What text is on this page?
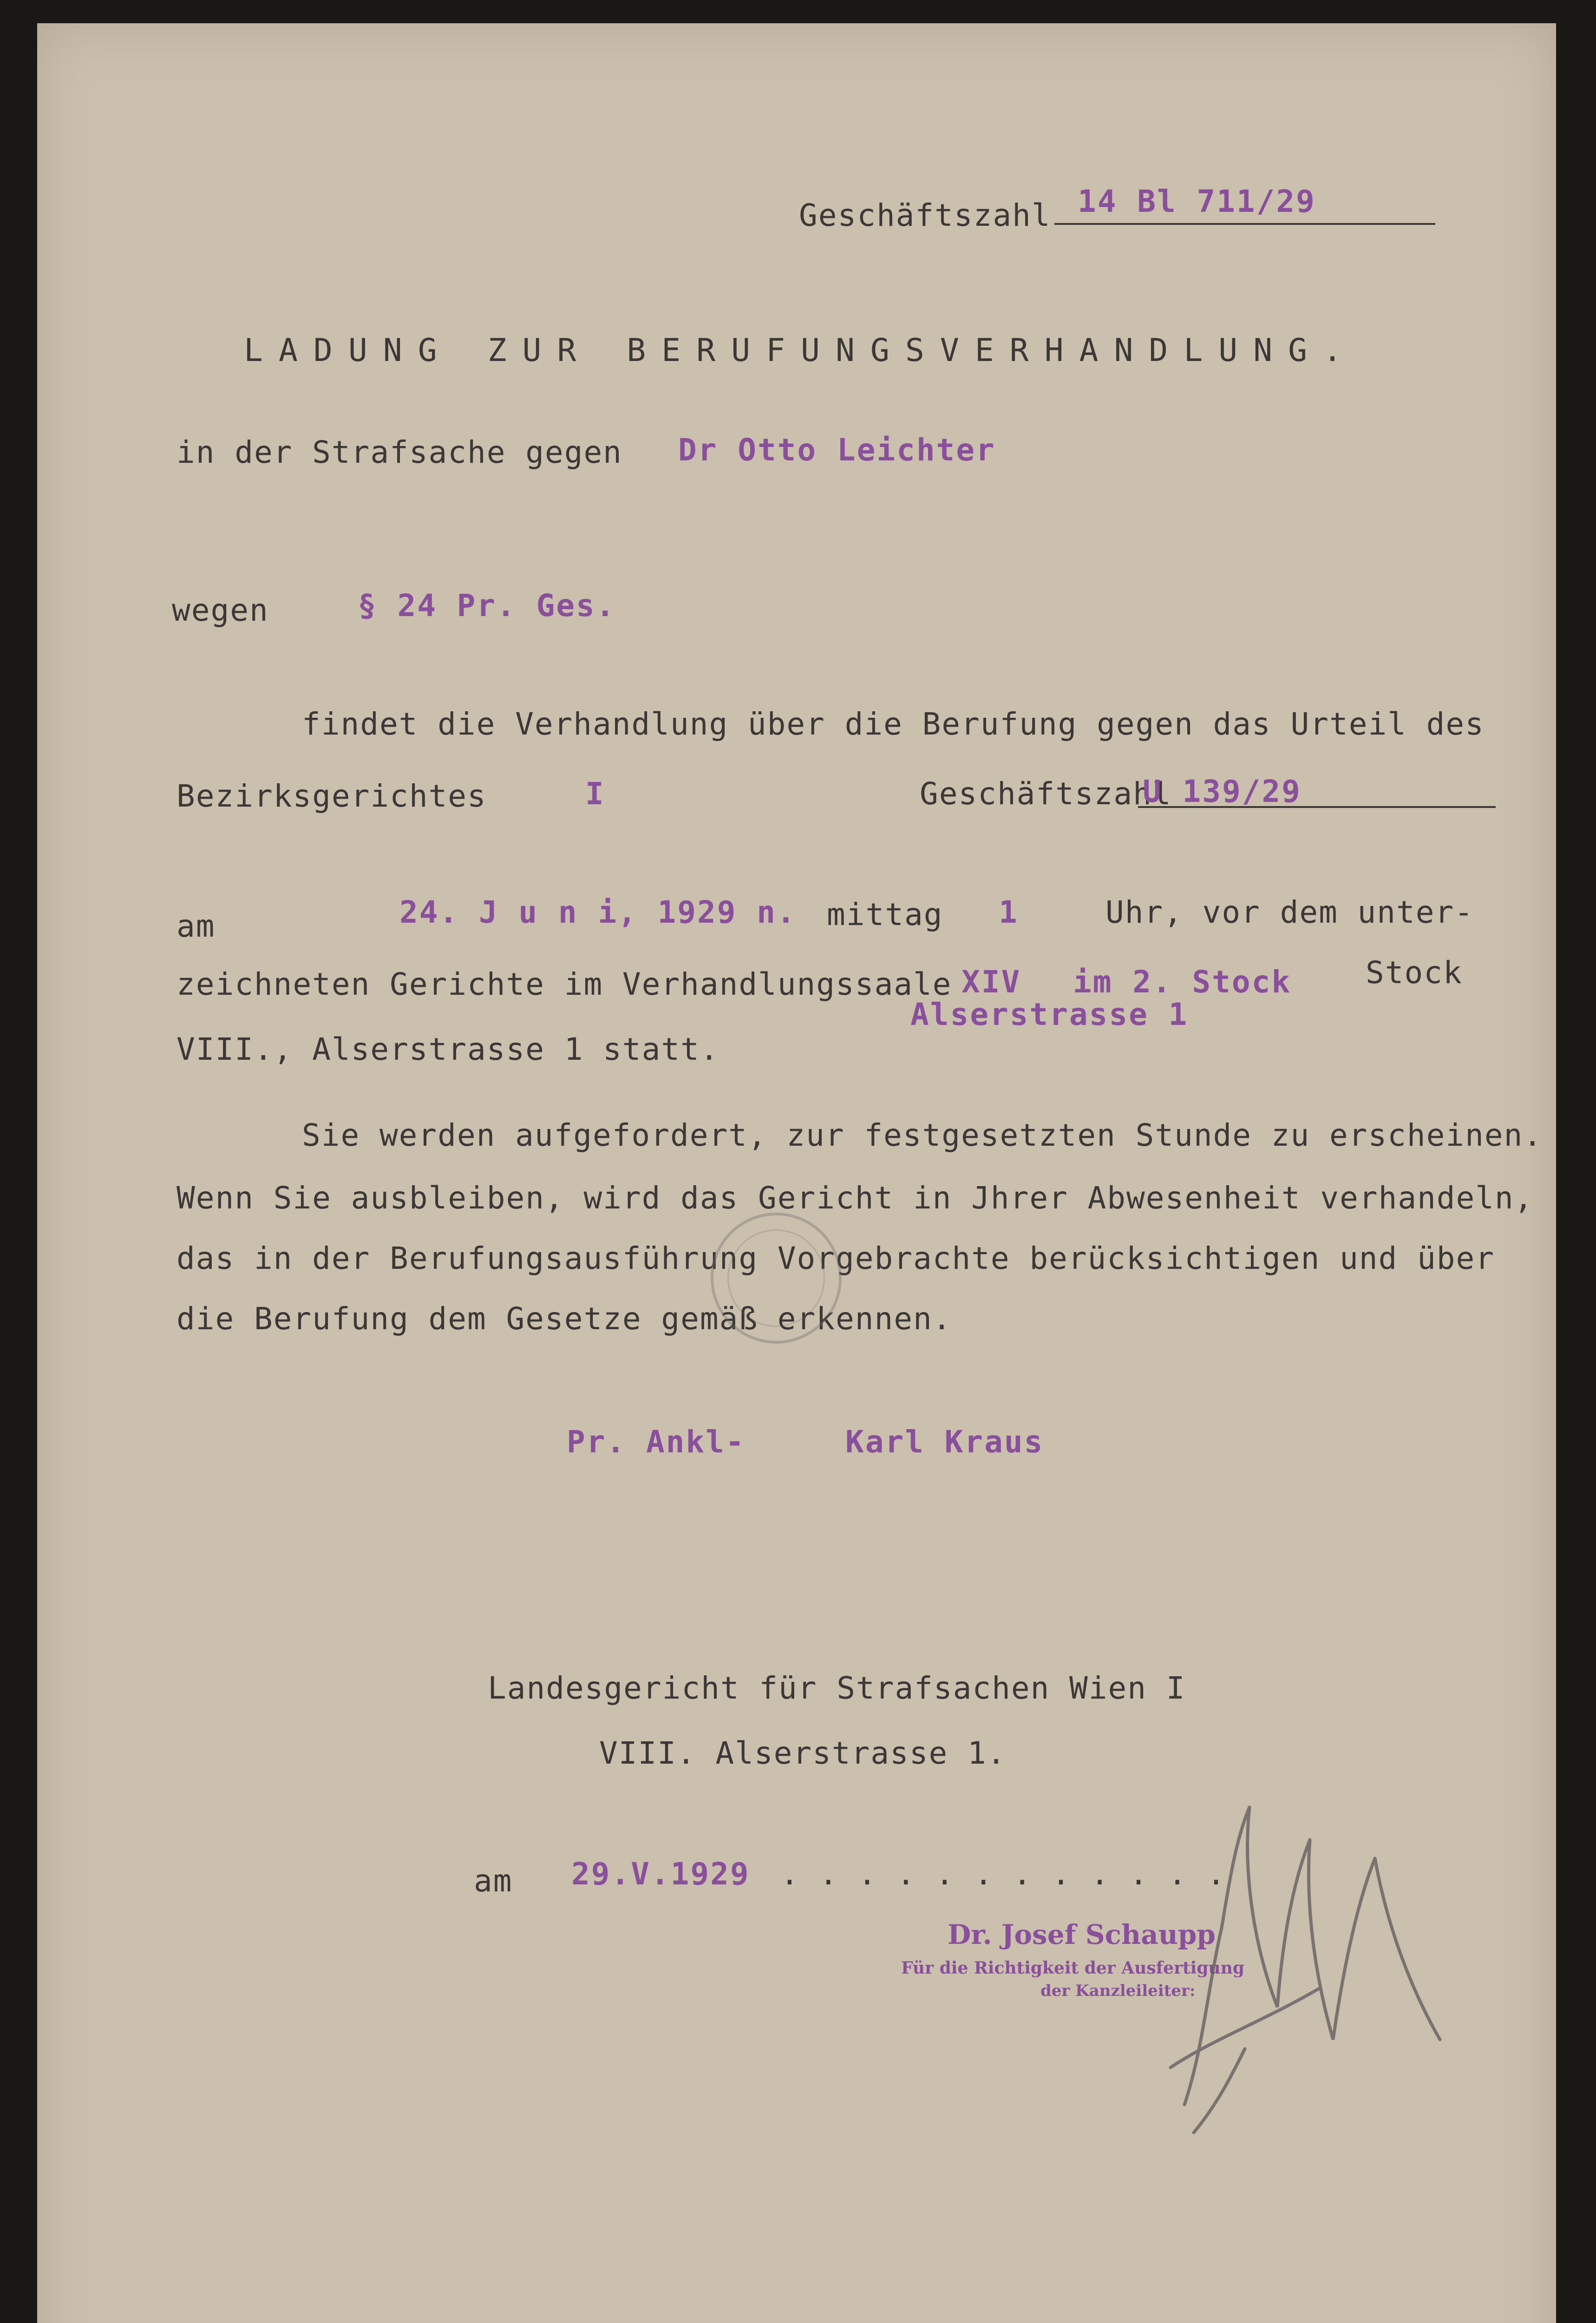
Geschäftszahl 14 Bl 711/29
LADUNG ZUR BERUFUNGSVERHANDLUNG.
in der Strafsache gegen Dr Otto Leichter
wegen	§ 24 Pr. Ges.
findet die Verhandlung über die Berufung gegen das Urteil des
Bezirksgerichtes	I	Geschäftszahl
U 139/29
am	24. J u n i, 1929 n. mittag 1	Uhr, vor dem unter-
zeichneten Gerichte im Verhandlungssaale XIV im 2. Stock Stock
Alserstrasse 1
VIII., Alserstrasse 1 statt.
Sie werden aufgefordert, zur festgesetzten Stunde zu erscheinen.
Wenn Sie ausbleiben, wird das Gericht in Jhrer Abwesenheit verhandeln,
das in der Berufungsausführung Vorgebrachte berücksichtigen und über
die Berufung dem Gesetze gemäß erkennen.
Pr. Ankl-	Karl Kraus
Landesgericht für Strafsachen Wien I
VIII. Alserstrasse 1.
am 29.V.1929 . . . . . . . . . . . .
Dr. Josef Schaupp
Für die Richtigkeit der Ausfertigung
der Kanzleileiter:
